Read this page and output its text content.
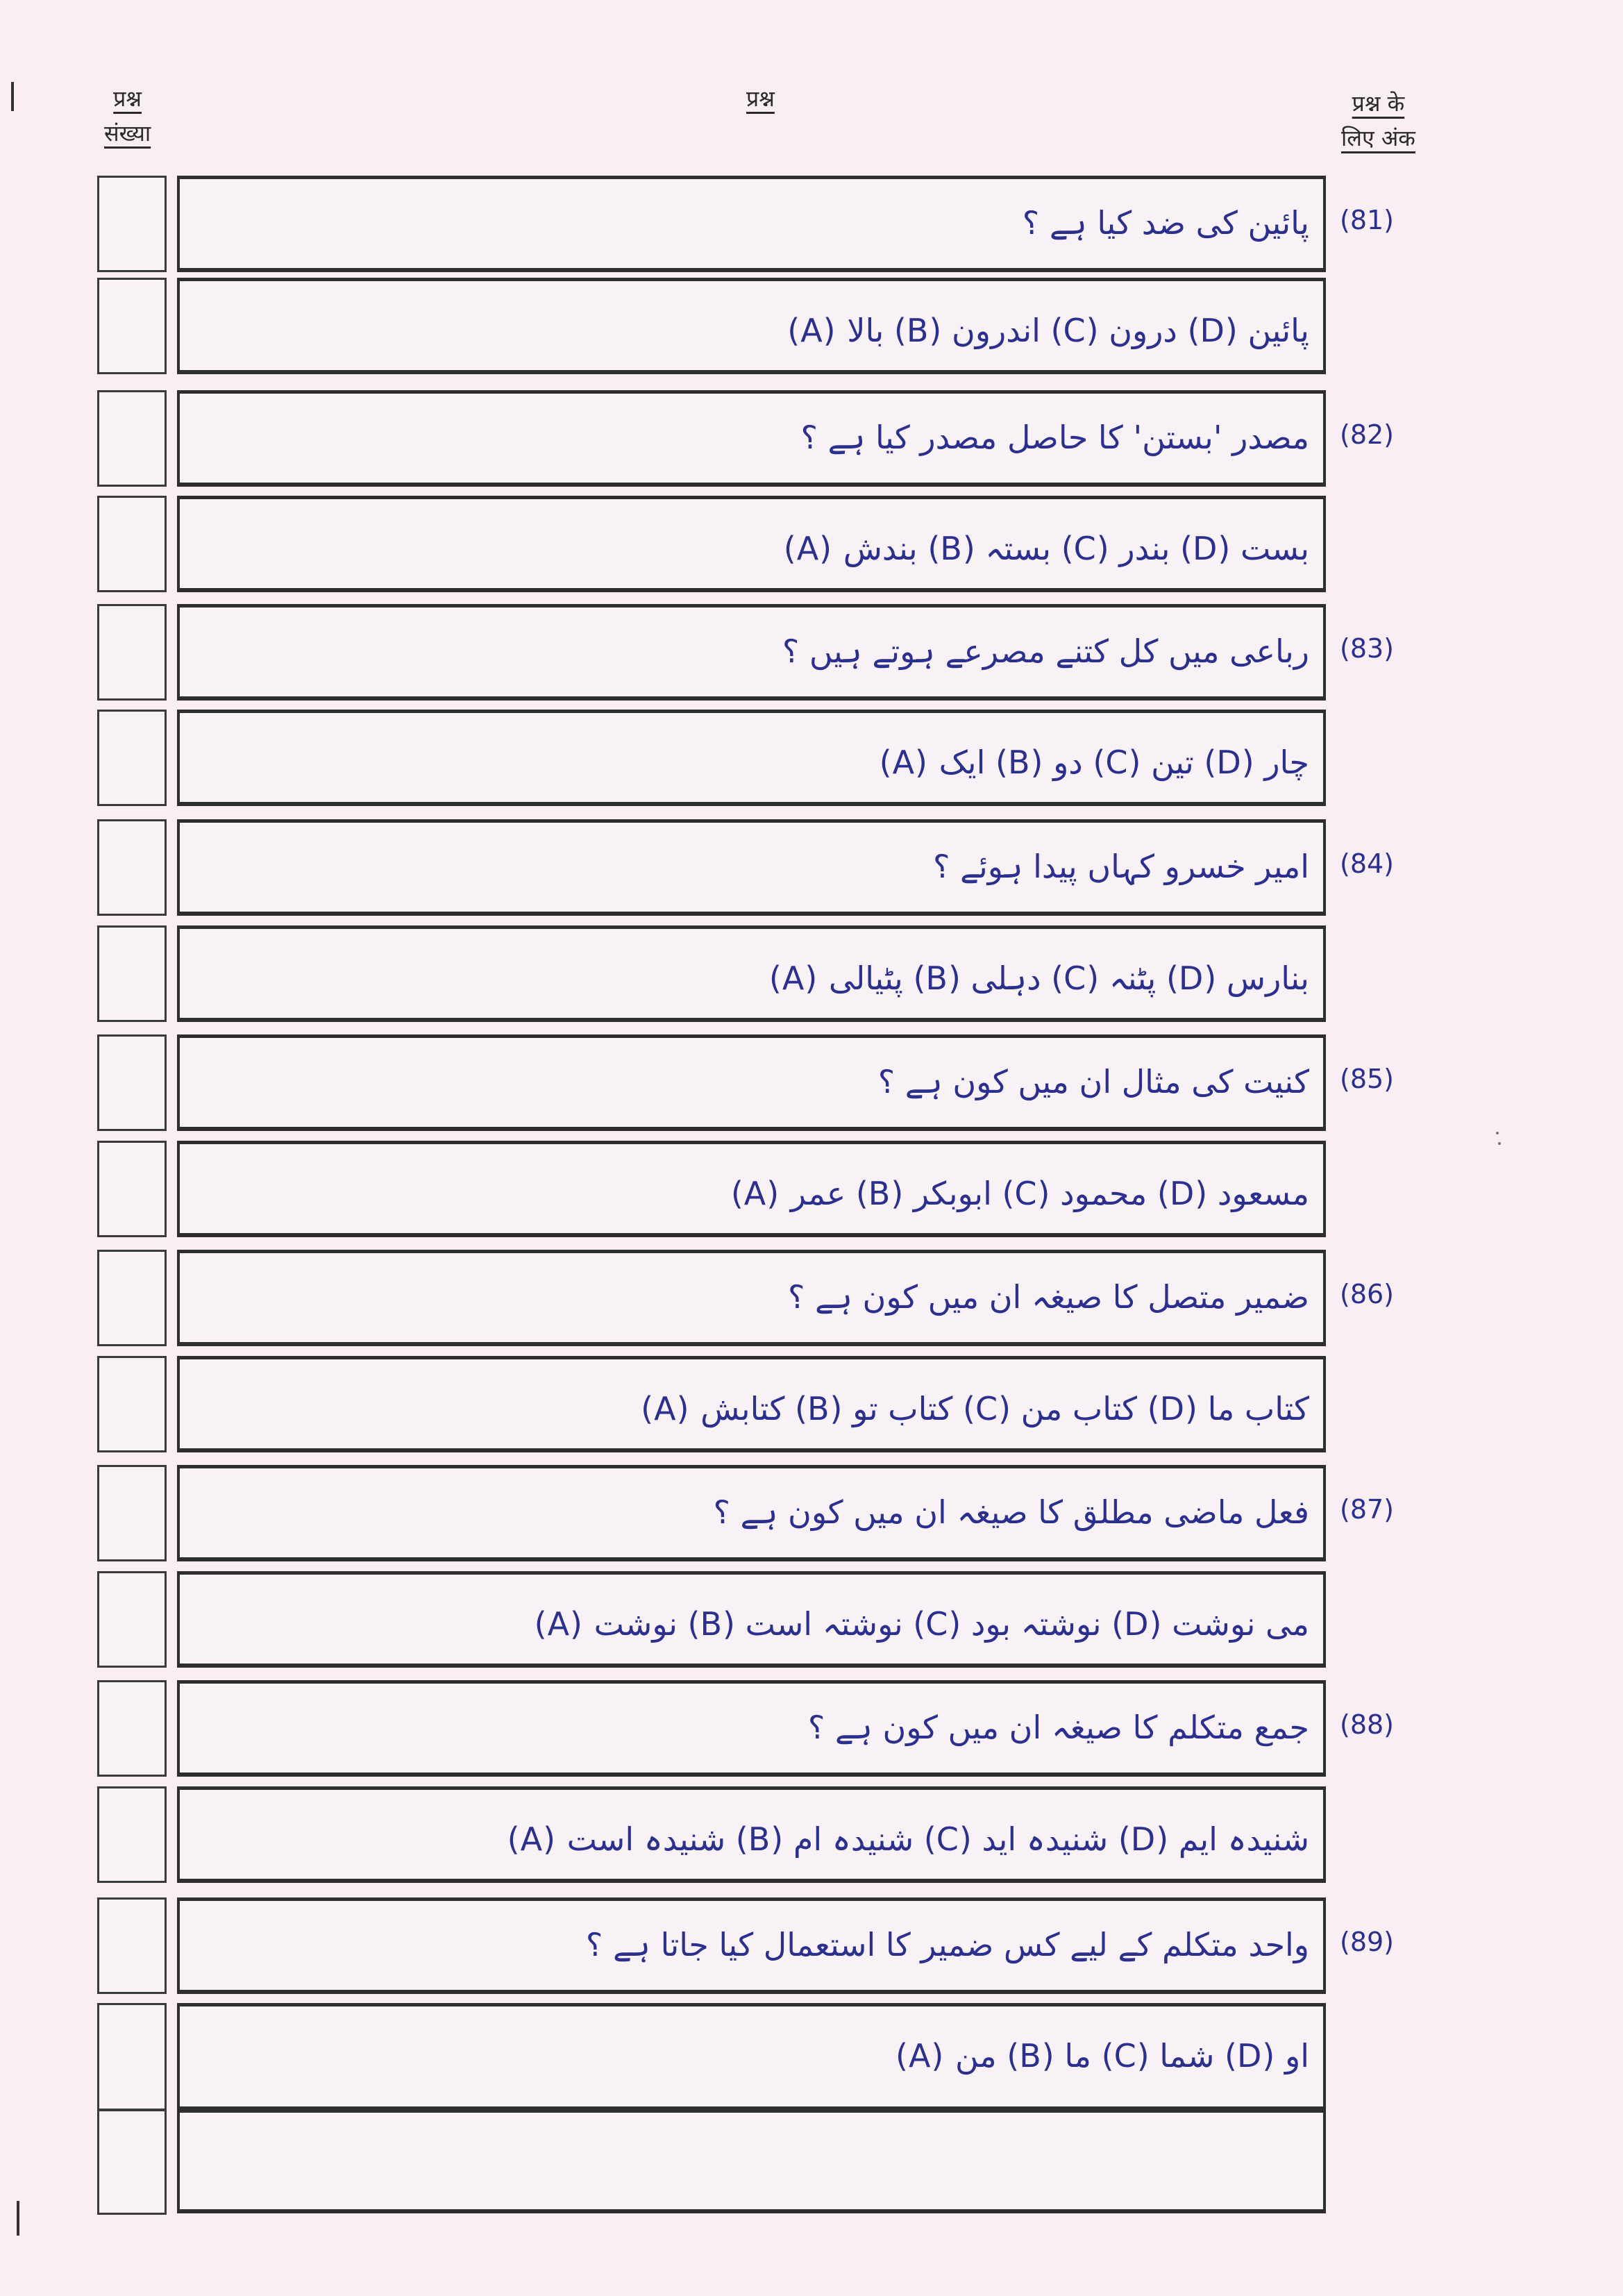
प्रश्न
संख्या
प्रश्न	प्रश्न के
लिए अंक
پائین کی ضد کیا ہے ؟ (81)
(A) بالا (B) اندرون (C) درون (D) پائین
مصدر 'بستن' کا حاصل مصدر کیا ہے ؟ (82)
(A) بندش (B) بستہ (C) بندر (D) بست
رباعی میں کل کتنے مصرعے ہوتے ہیں ؟ (83)
(A) ایک (B) دو (C) تین (D) چار
امیر خسرو کہاں پیدا ہوئے ؟ (84)
(A) پٹیالی (B) دہلی (C) پٹنہ (D) بنارس
کنیت کی مثال ان میں کون ہے ؟ (85)
(A) عمر (B) ابوبکر (C) محمود (D) مسعود
ضمیر متصل کا صیغہ ان میں کون ہے ؟ (86)
(A) کتابش (B) کتاب تو (C) کتاب من (D) کتاب ما
فعل ماضی مطلق کا صیغہ ان میں کون ہے ؟ (87)
(A) نوشت (B) نوشتہ است (C) نوشتہ بود (D) می نوشت
جمع متکلم کا صیغہ ان میں کون ہے ؟ (88)
(A) شنیدہ است (B) شنیدہ ام (C) شنیدہ اید (D) شنیدہ ایم
واحد متکلم کے لیے کس ضمیر کا استعمال کیا جاتا ہے ؟ (89)
(A) من (B) ما (C) شما (D) او
